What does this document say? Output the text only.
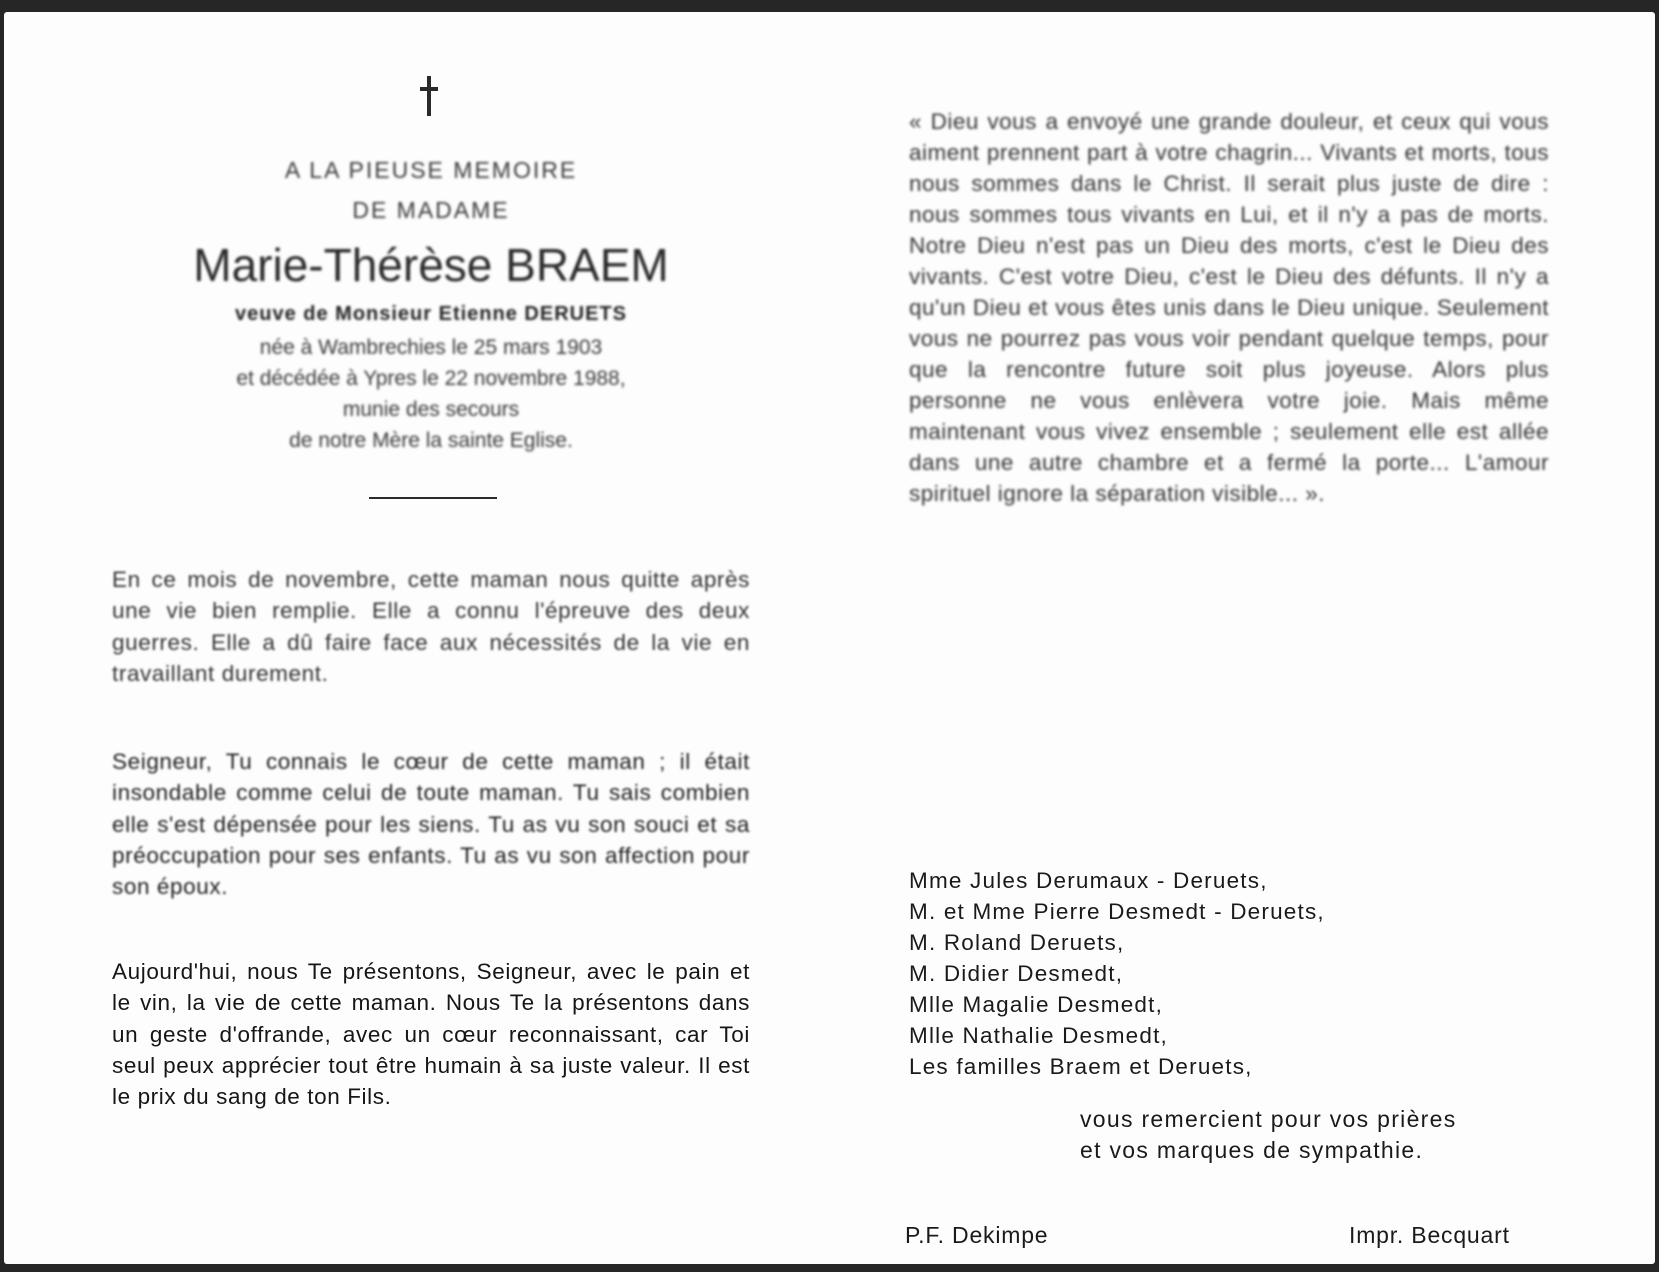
A LA PIEUSE MEMOIRE
DE MADAME
Marie-Thérèse BRAEM
veuve de Monsieur Etienne DERUETS
née à Wambrechies le 25 mars 1903
et décédée à Ypres le 22 novembre 1988,
munie des secours
de notre Mère la sainte Eglise.
En ce mois de novembre, cette maman nous quitte après une vie bien remplie. Elle a connu l'épreuve des deux guerres. Elle a dû faire face aux nécessités de la vie en travaillant durement.
Seigneur, Tu connais le cœur de cette maman ; il était insondable comme celui de toute maman. Tu sais combien elle s'est dépensée pour les siens. Tu as vu son souci et sa préoccupation pour ses enfants. Tu as vu son affection pour son époux.
Aujourd'hui, nous Te présentons, Seigneur, avec le pain et le vin, la vie de cette maman. Nous Te la présentons dans un geste d'offrande, avec un cœur reconnaissant, car Toi seul peux apprécier tout être humain à sa juste valeur. Il est le prix du sang de ton Fils.
« Dieu vous a envoyé une grande douleur, et ceux qui vous aiment prennent part à votre chagrin... Vivants et morts, tous nous sommes dans le Christ. Il serait plus juste de dire : nous sommes tous vivants en Lui, et il n'y a pas de morts. Notre Dieu n'est pas un Dieu des morts, c'est le Dieu des vivants. C'est votre Dieu, c'est le Dieu des défunts. Il n'y a qu'un Dieu et vous êtes unis dans le Dieu unique. Seulement vous ne pourrez pas vous voir pendant quelque temps, pour que la rencontre future soit plus joyeuse. Alors plus personne ne vous enlèvera votre joie. Mais même maintenant vous vivez ensemble ; seulement elle est allée dans une autre chambre et a fermé la porte... L'amour spirituel ignore la séparation visible... ».
Mme Jules Derumaux - Deruets,
M. et Mme Pierre Desmedt - Deruets,
M. Roland Deruets,
M. Didier Desmedt,
Mlle Magalie Desmedt,
Mlle Nathalie Desmedt,
Les familles Braem et Deruets,
vous remercient pour vos prières
et vos marques de sympathie.
P.F. Dekimpe	Impr. Becquart
